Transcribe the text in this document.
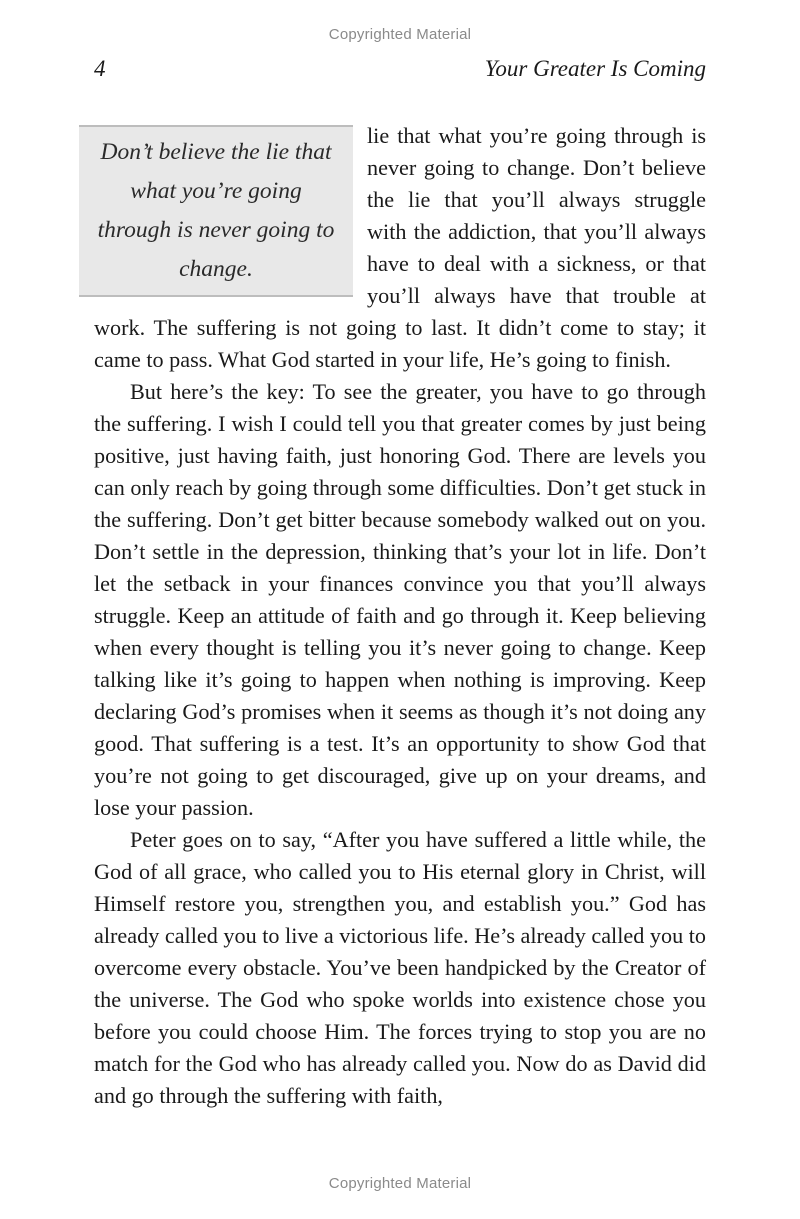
Copyrighted Material
4	Your Greater Is Coming
Don’t believe the lie that what you’re going through is never going to change.

lie that what you’re going through is never going to change. Don’t believe the lie that you’ll always struggle with the addiction, that you’ll always have to deal with a sickness, or that you’ll always have that trouble at work. The suffering is not going to last. It didn’t come to stay; it came to pass. What God started in your life, He’s going to finish.

But here’s the key: To see the greater, you have to go through the suffering. I wish I could tell you that greater comes by just being positive, just having faith, just honoring God. There are levels you can only reach by going through some difficulties. Don’t get stuck in the suffering. Don’t get bitter because somebody walked out on you. Don’t settle in the depression, thinking that’s your lot in life. Don’t let the setback in your finances convince you that you’ll always struggle. Keep an attitude of faith and go through it. Keep believing when every thought is telling you it’s never going to change. Keep talking like it’s going to happen when nothing is improving. Keep declaring God’s promises when it seems as though it’s not doing any good. That suffering is a test. It’s an opportunity to show God that you’re not going to get discouraged, give up on your dreams, and lose your passion.

Peter goes on to say, “After you have suffered a little while, the God of all grace, who called you to His eternal glory in Christ, will Himself restore you, strengthen you, and establish you.” God has already called you to live a victorious life. He’s already called you to overcome every obstacle. You’ve been handpicked by the Creator of the universe. The God who spoke worlds into existence chose you before you could choose Him. The forces trying to stop you are no match for the God who has already called you. Now do as David did and go through the suffering with faith,

Copyrighted Material
